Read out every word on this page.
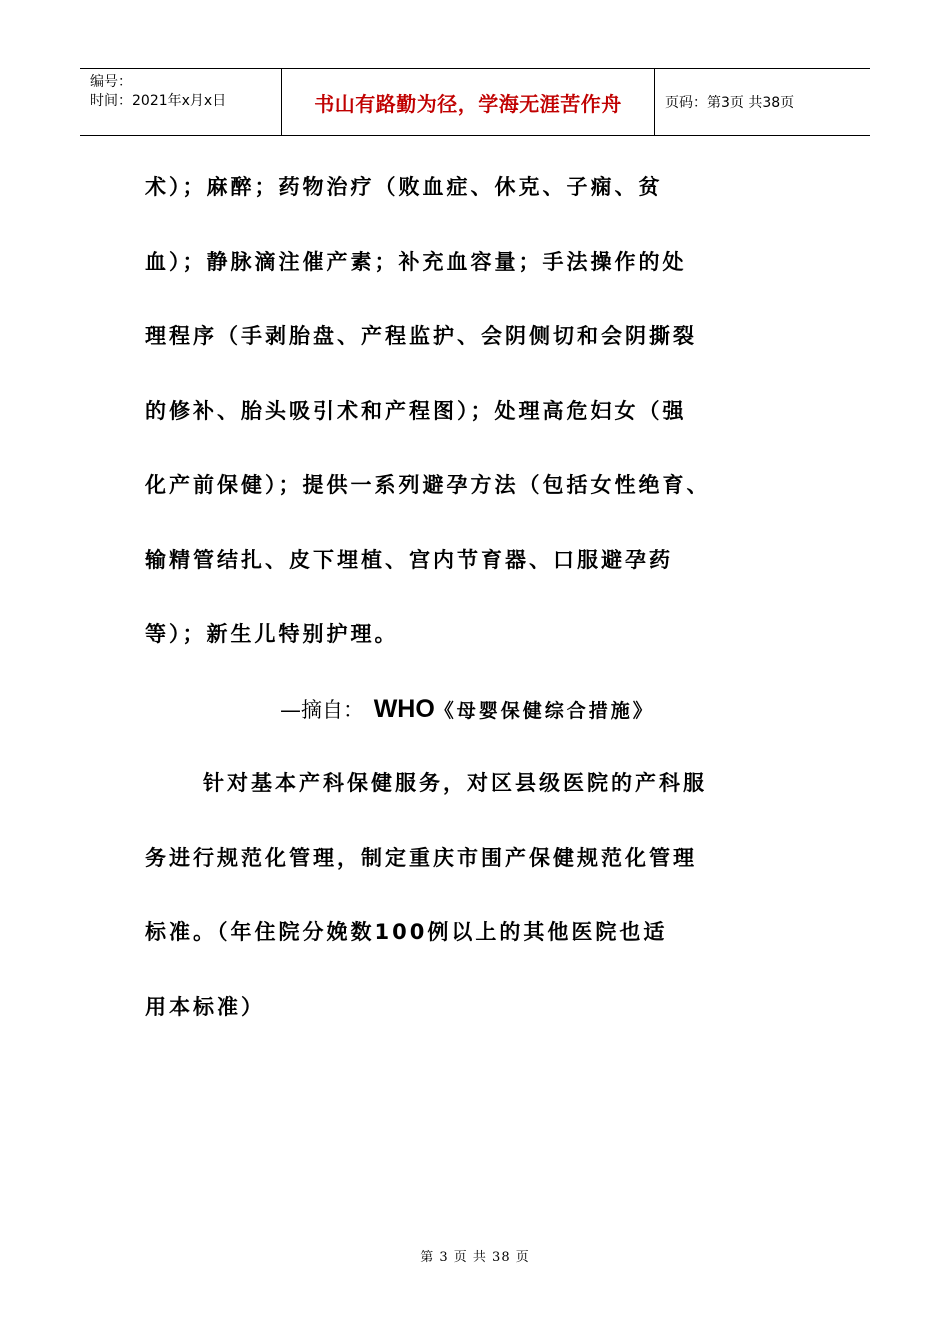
编号：
时间：2021年x月x日	书山有路勤为径，学海无涯苦作舟	页码：第3页 共38页
术）；麻醉；药物治疗（败血症、休克、子痫、贫
血）；静脉滴注催产素；补充血容量；手法操作的处
理程序（手剥胎盘、产程监护、会阴侧切和会阴撕裂
的修补、胎头吸引术和产程图）；处理高危妇女（强
化产前保健）；提供一系列避孕方法（包括女性绝育、
输精管结扎、皮下埋植、宫内节育器、口服避孕药
等）；新生儿特别护理。
—摘自： WHO《母婴保健综合措施》
针对基本产科保健服务，对区县级医院的产科服
务进行规范化管理，制定重庆市围产保健规范化管理
标准。（年住院分娩数100例以上的其他医院也适
用本标准）
第 3 页 共 38 页
